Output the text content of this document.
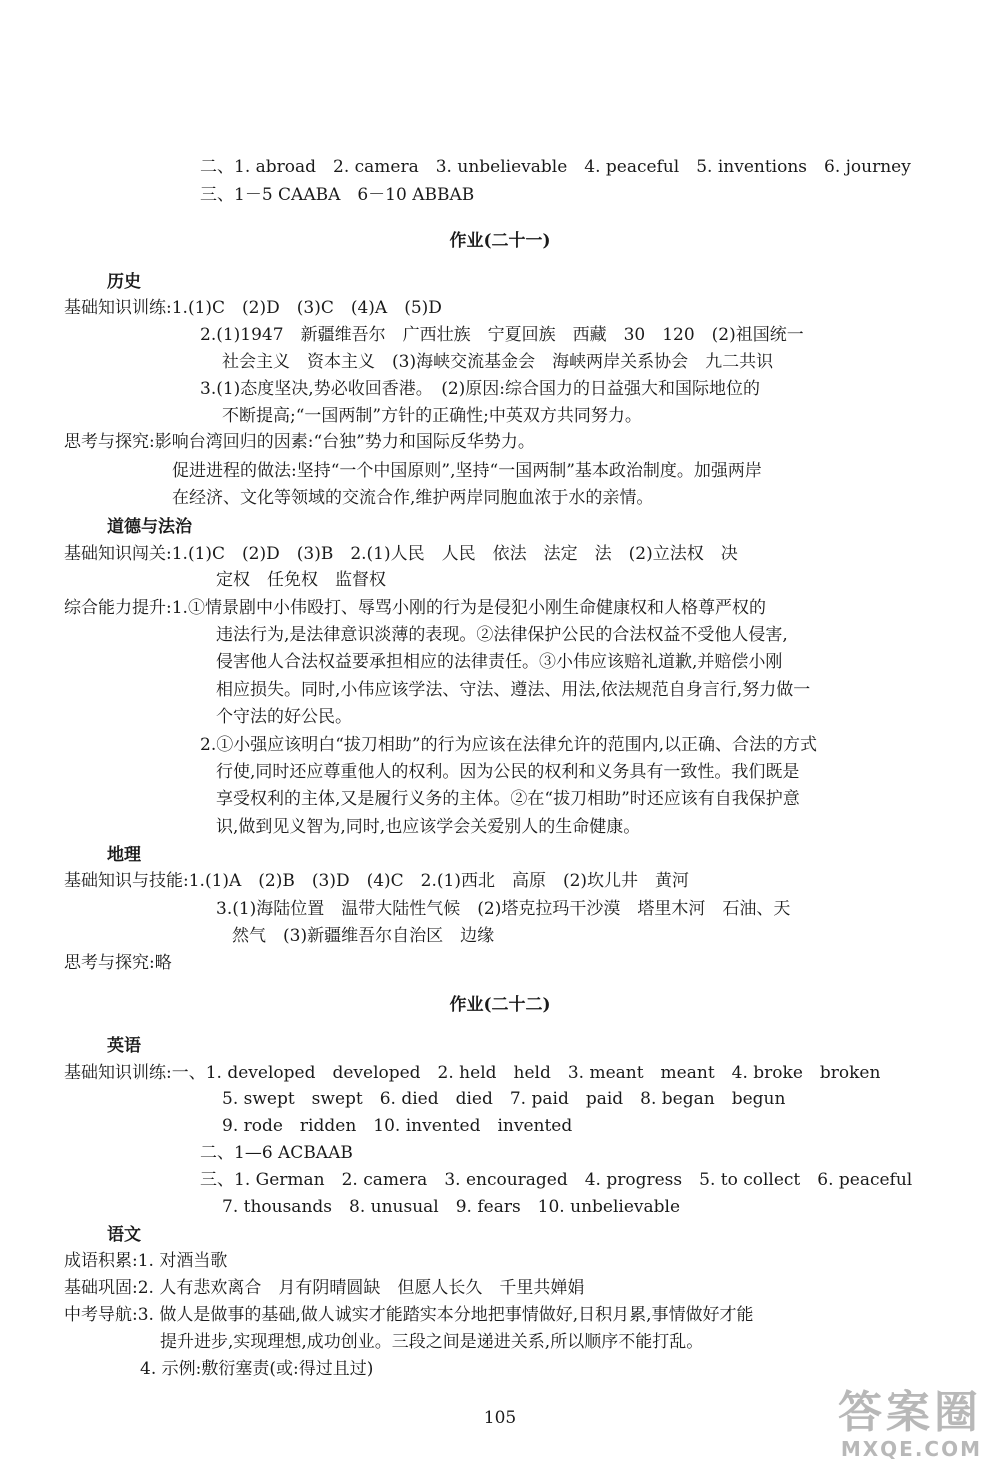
二、1. abroad　2. camera　3. unbelievable　4. peaceful　5. inventions　6. journey
三、1－5 CAABA　6－10 ABBAB
作业(二十一)
历史
基础知识训练:1.(1)C　(2)D　(3)C　(4)A　(5)D
2.(1)1947　新疆维吾尔　广西壮族　宁夏回族　西藏　30　120　(2)祖国统一
社会主义　资本主义　(3)海峡交流基金会　海峡两岸关系协会　九二共识
3.(1)态度坚决,势必收回香港。　(2)原因:综合国力的日益强大和国际地位的
不断提高;“一国两制”方针的正确性;中英双方共同努力。
思考与探究:影响台湾回归的因素:“台独”势力和国际反华势力。
促进进程的做法:坚持“一个中国原则”,坚持“一国两制”基本政治制度。加强两岸
在经济、文化等领域的交流合作,维护两岸同胞血浓于水的亲情。
道德与法治
基础知识闯关:1.(1)C　(2)D　(3)B　2.(1)人民　人民　依法　法定　法　(2)立法权　决
定权　任免权　监督权
综合能力提升:1.①情景剧中小伟殴打、辱骂小刚的行为是侵犯小刚生命健康权和人格尊严权的
违法行为,是法律意识淡薄的表现。②法律保护公民的合法权益不受他人侵害,
侵害他人合法权益要承担相应的法律责任。③小伟应该赔礼道歉,并赔偿小刚
相应损失。同时,小伟应该学法、守法、遵法、用法,依法规范自身言行,努力做一
个守法的好公民。
2.①小强应该明白“拔刀相助”的行为应该在法律允许的范围内,以正确、合法的方式
行使,同时还应尊重他人的权利。因为公民的权利和义务具有一致性。我们既是
享受权利的主体,又是履行义务的主体。②在“拔刀相助”时还应该有自我保护意
识,做到见义智为,同时,也应该学会关爱别人的生命健康。
地理
基础知识与技能:1.(1)A　(2)B　(3)D　(4)C　2.(1)西北　高原　(2)坎儿井　黄河
3.(1)海陆位置　温带大陆性气候　(2)塔克拉玛干沙漠　塔里木河　石油、天
然气　(3)新疆维吾尔自治区　边缘
思考与探究:略
作业(二十二)
英语
基础知识训练:一、1. developed　developed　2. held　held　3. meant　meant　4. broke　broken
5. swept　swept　6. died　died　7. paid　paid　8. began　begun
9. rode　ridden　10. invented　invented
二、1—6 ACBAAB
三、1. German　2. camera　3. encouraged　4. progress　5. to collect　6. peaceful
7. thousands　8. unusual　9. fears　10. unbelievable
语文
成语积累:1. 对酒当歌
基础巩固:2. 人有悲欢离合　月有阴晴圆缺　但愿人长久　千里共婵娟
中考导航:3. 做人是做事的基础,做人诚实才能踏实本分地把事情做好,日积月累,事情做好才能
提升进步,实现理想,成功创业。三段之间是递进关系,所以顺序不能打乱。
4. 示例:敷衍塞责(或:得过且过)
105	答案圈
MXQE.COM
